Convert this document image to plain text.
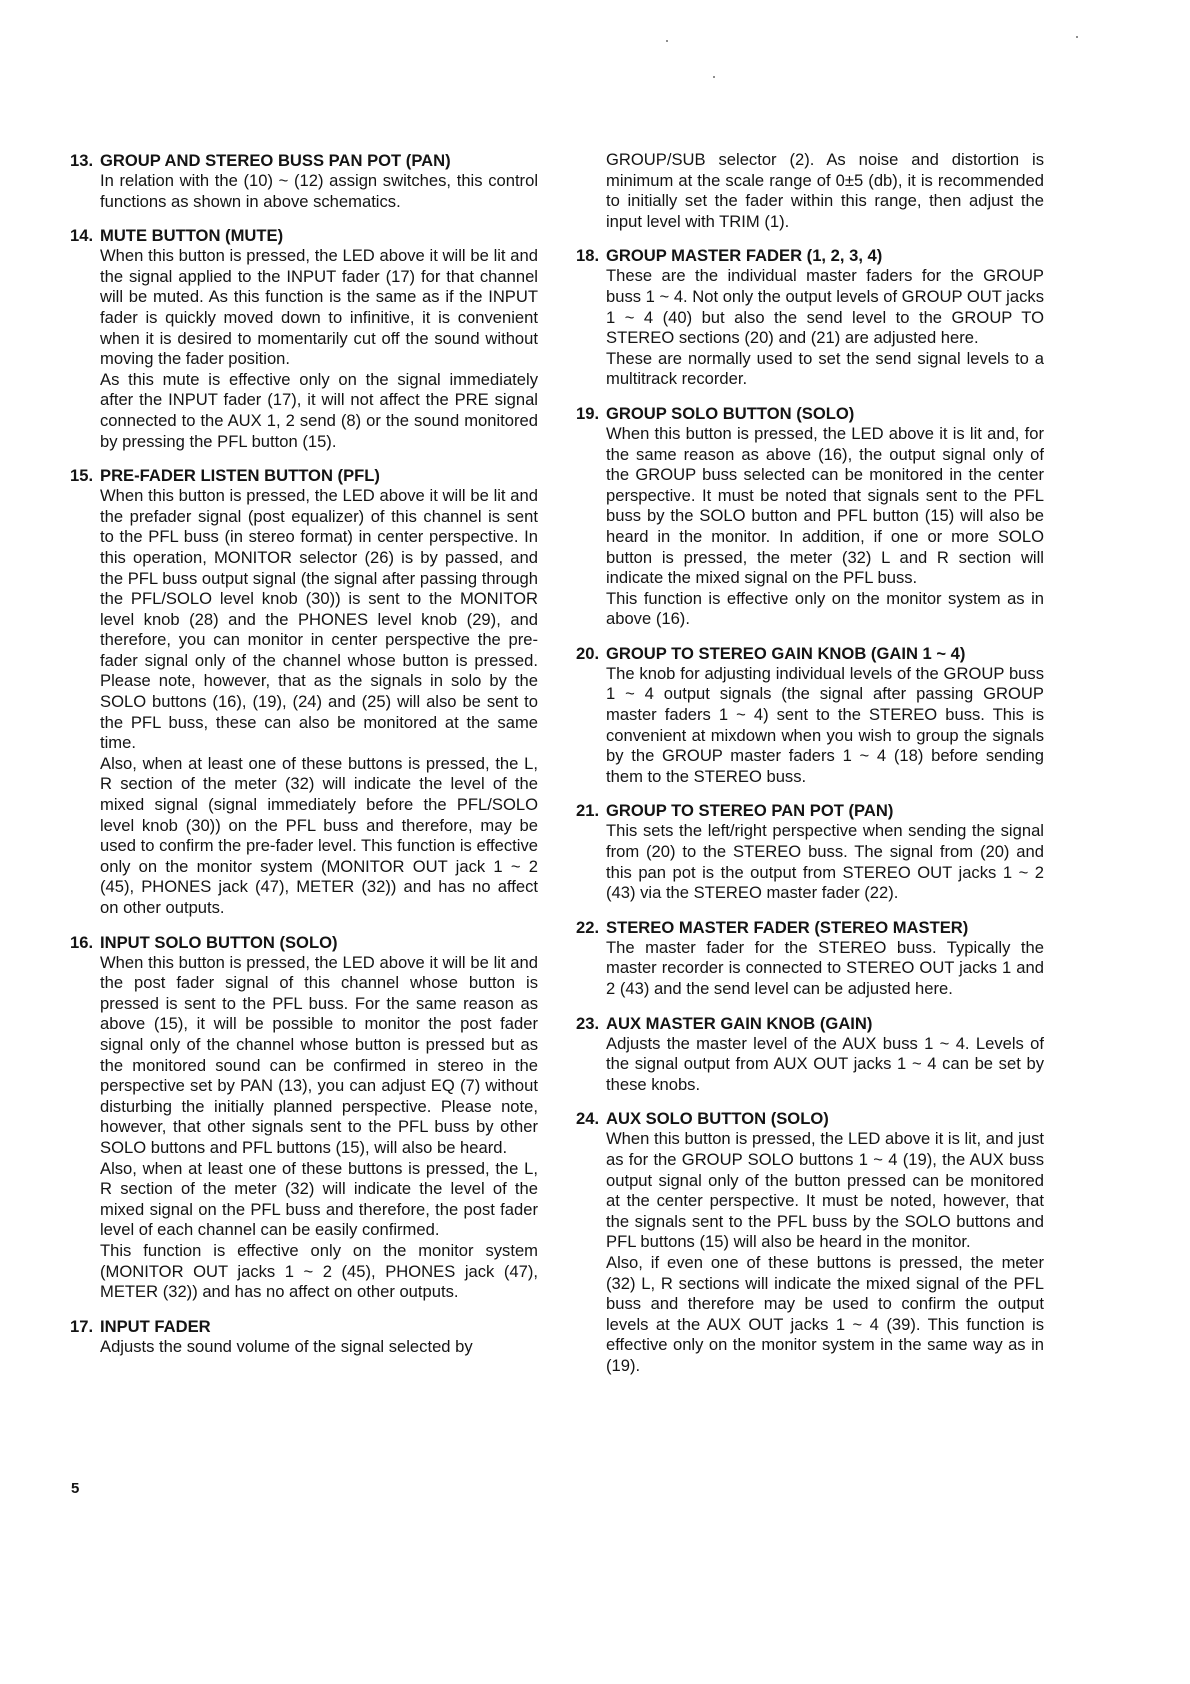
13. GROUP AND STEREO BUSS PAN POT (PAN)

In relation with the (10) ~ (12) assign switches, this control functions as shown in above schematics.

14. MUTE BUTTON (MUTE)

When this button is pressed, the LED above it will be lit and the signal applied to the INPUT fader (17) for that channel will be muted. As this function is the same as if the INPUT fader is quickly moved down to infinitive, it is convenient when it is desired to momentarily cut off the sound without moving the fader position.

As this mute is effective only on the signal immediately after the INPUT fader (17), it will not affect the PRE signal connected to the AUX 1, 2 send (8) or the sound monitored by pressing the PFL button (15).

15. PRE-FADER LISTEN BUTTON (PFL)

When this button is pressed, the LED above it will be lit and the prefader signal (post equalizer) of this channel is sent to the PFL buss (in stereo format) in center perspective. In this operation, MONITOR selector (26) is by passed, and the PFL buss output signal (the signal after passing through the PFL/SOLO level knob (30)) is sent to the MONITOR level knob (28) and the PHONES level knob (29), and therefore, you can monitor in center perspective the pre-fader signal only of the channel whose button is pressed. Please note, however, that as the signals in solo by the SOLO buttons (16), (19), (24) and (25) will also be sent to the PFL buss, these can also be monitored at the same time.

Also, when at least one of these buttons is pressed, the L, R section of the meter (32) will indicate the level of the mixed signal (signal immediately before the PFL/SOLO level knob (30)) on the PFL buss and therefore, may be used to confirm the pre-fader level. This function is effective only on the monitor system (MONITOR OUT jack 1 ~ 2 (45), PHONES jack (47), METER (32)) and has no affect on other outputs.

16. INPUT SOLO BUTTON (SOLO)

When this button is pressed, the LED above it will be lit and the post fader signal of this channel whose button is pressed is sent to the PFL buss. For the same reason as above (15), it will be possible to monitor the post fader signal only of the channel whose button is pressed but as the monitored sound can be confirmed in stereo in the perspective set by PAN (13), you can adjust EQ (7) without disturbing the initially planned perspective. Please note, however, that other signals sent to the PFL buss by other SOLO buttons and PFL buttons (15), will also be heard.

Also, when at least one of these buttons is pressed, the L, R section of the meter (32) will indicate the level of the mixed signal on the PFL buss and therefore, the post fader level of each channel can be easily confirmed.

This function is effective only on the monitor system (MONITOR OUT jacks 1 ~ 2 (45), PHONES jack (47), METER (32)) and has no affect on other outputs.

17. INPUT FADER

Adjusts the sound volume of the signal selected by

GROUP/SUB selector (2). As noise and distortion is minimum at the scale range of 0±5 (db), it is recommended to initially set the fader within this range, then adjust the input level with TRIM (1).

18. GROUP MASTER FADER (1, 2, 3, 4)

These are the individual master faders for the GROUP buss 1 ~ 4. Not only the output levels of GROUP OUT jacks 1 ~ 4 (40) but also the send level to the GROUP TO STEREO sections (20) and (21) are adjusted here.

These are normally used to set the send signal levels to a multitrack recorder.

19. GROUP SOLO BUTTON (SOLO)

When this button is pressed, the LED above it is lit and, for the same reason as above (16), the output signal only of the GROUP buss selected can be monitored in the center perspective. It must be noted that signals sent to the PFL buss by the SOLO button and PFL button (15) will also be heard in the monitor. In addition, if one or more SOLO button is pressed, the meter (32) L and R section will indicate the mixed signal on the PFL buss.

This function is effective only on the monitor system as in above (16).

20. GROUP TO STEREO GAIN KNOB (GAIN 1 ~ 4)

The knob for adjusting individual levels of the GROUP buss 1 ~ 4 output signals (the signal after passing GROUP master faders 1 ~ 4) sent to the STEREO buss. This is convenient at mixdown when you wish to group the signals by the GROUP master faders 1 ~ 4 (18) before sending them to the STEREO buss.

21. GROUP TO STEREO PAN POT (PAN)

This sets the left/right perspective when sending the signal from (20) to the STEREO buss. The signal from (20) and this pan pot is the output from STEREO OUT jacks 1 ~ 2 (43) via the STEREO master fader (22).

22. STEREO MASTER FADER (STEREO MASTER)

The master fader for the STEREO buss. Typically the master recorder is connected to STEREO OUT jacks 1 and 2 (43) and the send level can be adjusted here.

23. AUX MASTER GAIN KNOB (GAIN)

Adjusts the master level of the AUX buss 1 ~ 4. Levels of the signal output from AUX OUT jacks 1 ~ 4 can be set by these knobs.

24. AUX SOLO BUTTON (SOLO)

When this button is pressed, the LED above it is lit, and just as for the GROUP SOLO buttons 1 ~ 4 (19), the AUX buss output signal only of the button pressed can be monitored at the center perspective. It must be noted, however, that the signals sent to the PFL buss by the SOLO buttons and PFL buttons (15) will also be heard in the monitor.

Also, if even one of these buttons is pressed, the meter (32) L, R sections will indicate the mixed signal of the PFL buss and therefore may be used to confirm the output levels at the AUX OUT jacks 1 ~ 4 (39). This function is effective only on the monitor system in the same way as in (19).

5
